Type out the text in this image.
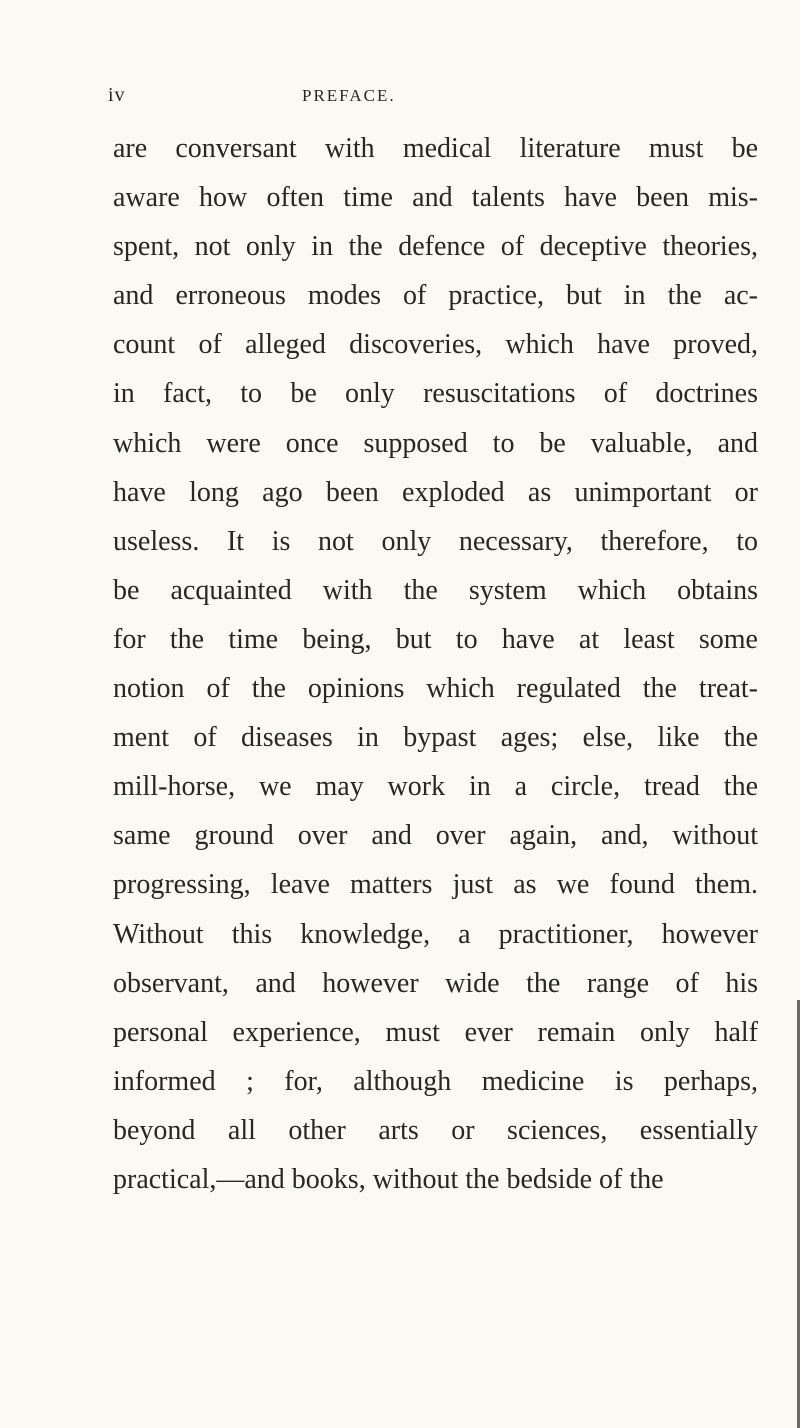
iv	PREFACE.
are conversant with medical literature must be
aware how often time and talents have been mis-
spent, not only in the defence of deceptive theories,
and erroneous modes of practice, but in the ac-
count of alleged discoveries, which have proved,
in fact, to be only resuscitations of doctrines
which were once supposed to be valuable, and
have long ago been exploded as unimportant or
useless. It is not only necessary, therefore, to
be acquainted with the system which obtains
for the time being, but to have at least some
notion of the opinions which regulated the treat-
ment of diseases in bypast ages; else, like the
mill-horse, we may work in a circle, tread the
same ground over and over again, and, without
progressing, leave matters just as we found them.
Without this knowledge, a practitioner, however
observant, and however wide the range of his
personal experience, must ever remain only half
informed ; for, although medicine is perhaps,
beyond all other arts or sciences, essentially
practical,—and books, without the bedside of the
